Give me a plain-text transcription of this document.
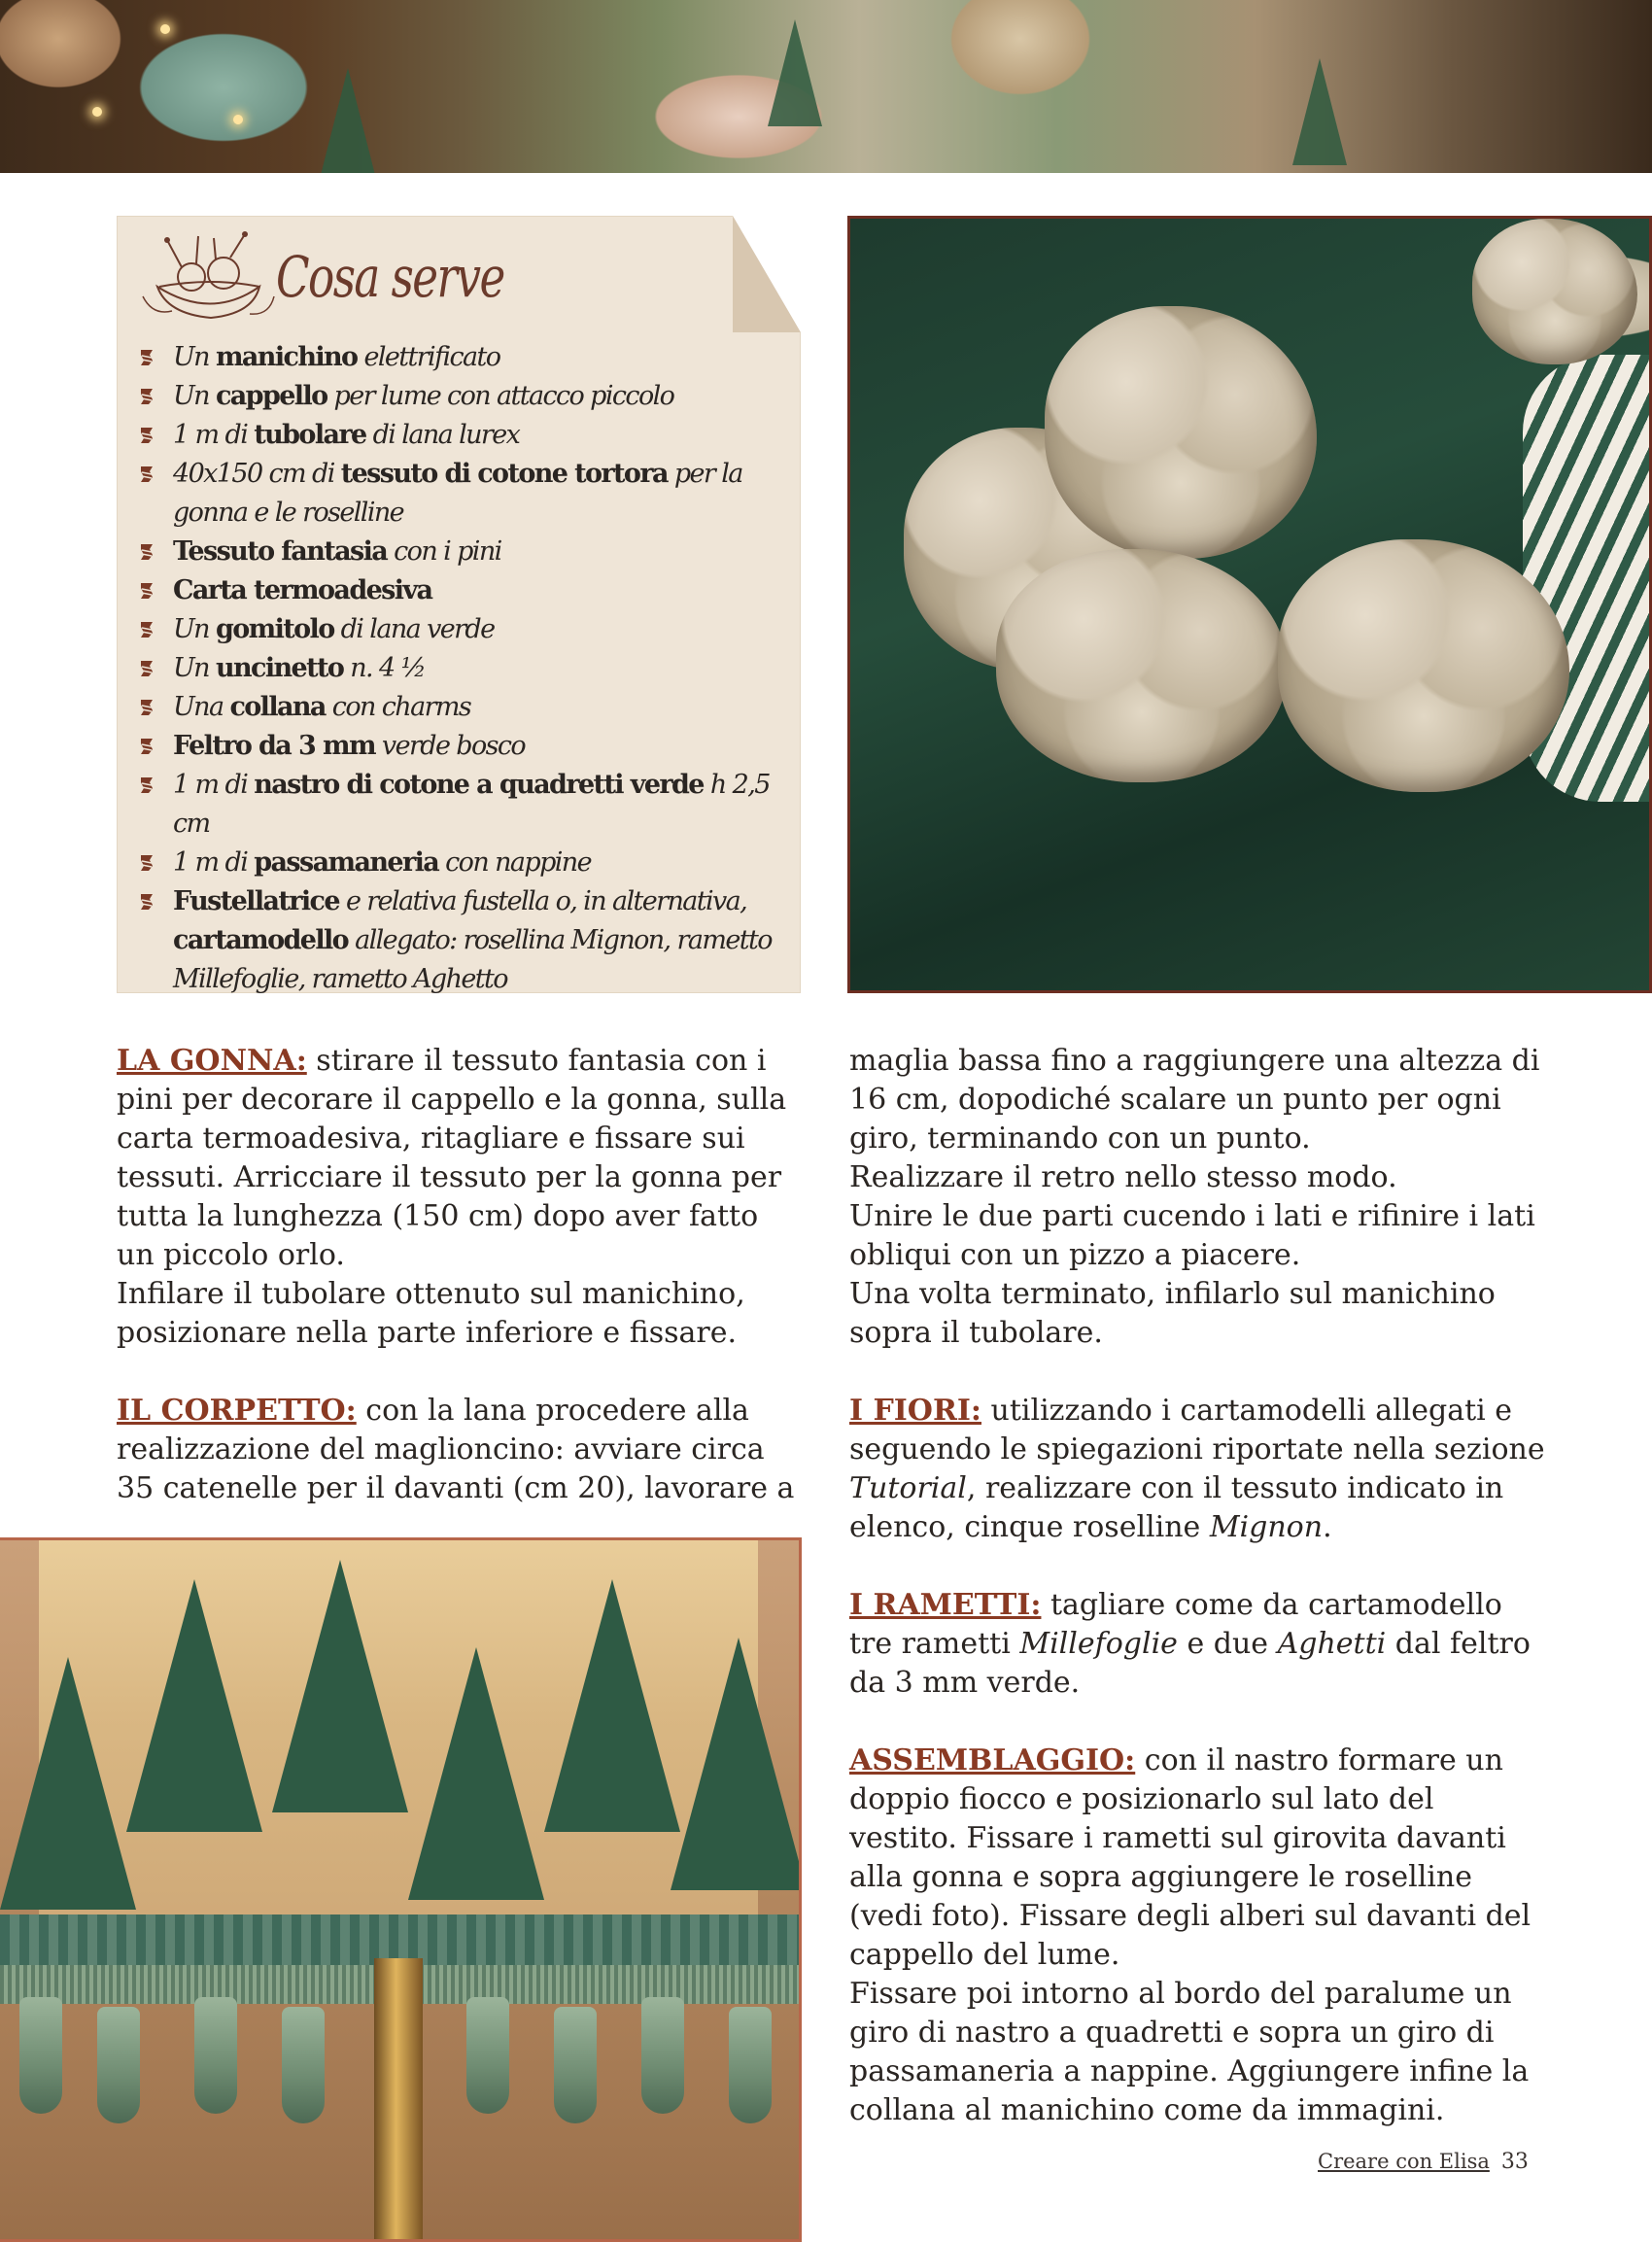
Cosa serve
Un manichino elettrificato
Un cappello per lume con attacco piccolo
1 m di tubolare di lana lurex
40x150 cm di tessuto di cotone tortora per la gonna e le roselline
Tessuto fantasia con i pini
Carta termoadesiva
Un gomitolo di lana verde
Un uncinetto n. 4 ½
Una collana con charms
Feltro da 3 mm verde bosco
1 m di nastro di cotone a quadretti verde h 2,5 cm
1 m di passamaneria con nappine
Fustellatrice e relativa fustella o, in alternativa, cartamodello allegato: rosellina Mignon, rametto Millefoglie, rametto Aghetto

LA GONNA: stirare il tessuto fantasia con i pini per decorare il cappello e la gonna, sulla carta termoadesiva, ritagliare e fissare sui tessuti. Arricciare il tessuto per la gonna per tutta la lunghezza (150 cm) dopo aver fatto un piccolo orlo.

Infilare il tubolare ottenuto sul manichino, posizionare nella parte inferiore e fissare.

IL CORPETTO: con la lana procedere alla realizzazione del maglioncino: avviare circa 35 catenelle per il davanti (cm 20), lavorare a

maglia bassa fino a raggiungere una altezza di 16 cm, dopodiché scalare un punto per ogni giro, terminando con un punto.

Realizzare il retro nello stesso modo.

Unire le due parti cucendo i lati e rifinire i lati obliqui con un pizzo a piacere.

Una volta terminato, infilarlo sul manichino sopra il tubolare.

I FIORI: utilizzando i cartamodelli allegati e seguendo le spiegazioni riportate nella sezione Tutorial, realizzare con il tessuto indicato in elenco, cinque roselline Mignon.

I RAMETTI: tagliare come da cartamodello tre rametti Millefoglie e due Aghetti dal feltro da 3 mm verde.

ASSEMBLAGGIO: con il nastro formare un doppio fiocco e posizionarlo sul lato del vestito. Fissare i rametti sul girovita davanti alla gonna e sopra aggiungere le roselline (vedi foto). Fissare degli alberi sul davanti del cappello del lume.

Fissare poi intorno al bordo del paralume un giro di nastro a quadretti e sopra un giro di passamaneria a nappine. Aggiungere infine la collana al manichino come da immagini.

Creare con Elisa 33
